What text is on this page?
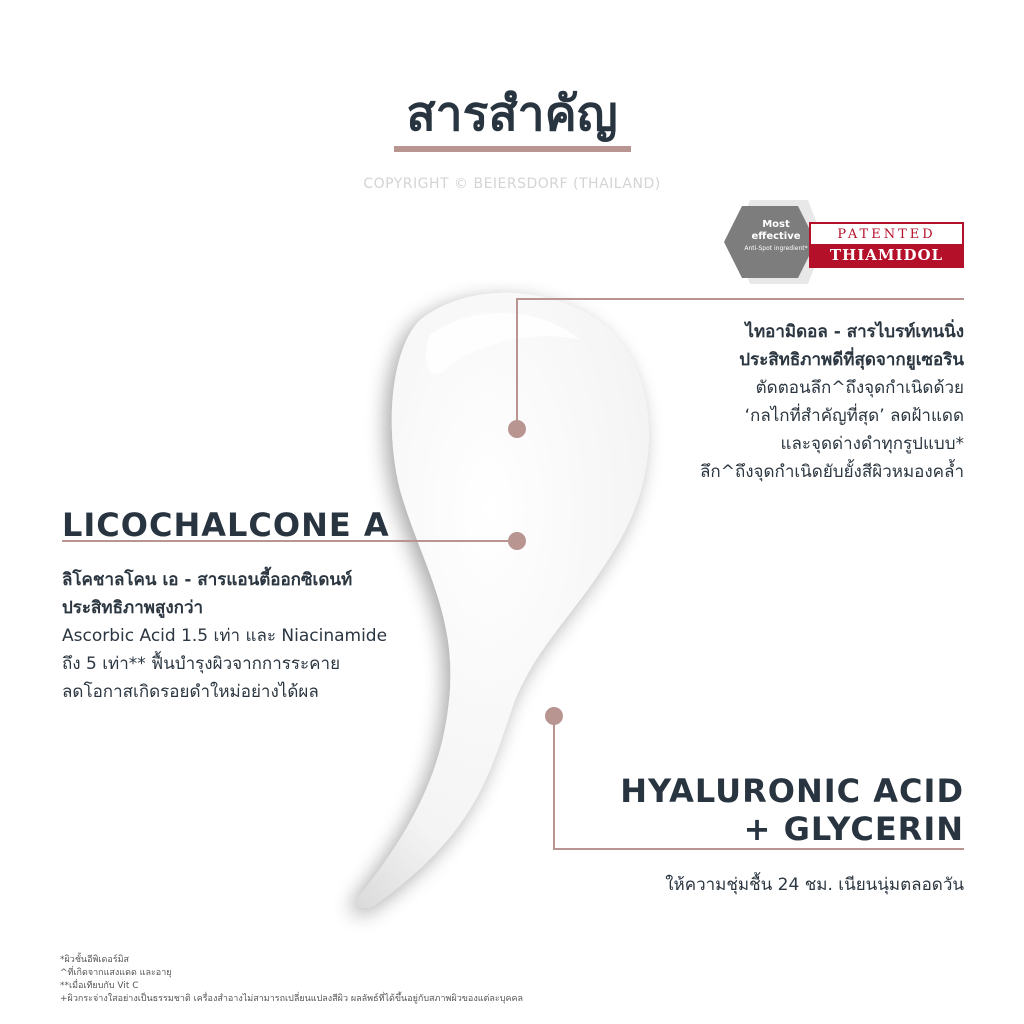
สารสำคัญ
COPYRIGHT © BEIERSDORF (THAILAND)
Most effective
Anti-Spot ingredient*
PATENTED
THIAMIDOL
ไทอามิดอล - สารไบรท์เทนนิ่ง
ประสิทธิภาพดีที่สุดจากยูเซอริน
ตัดตอนลึก^ถึงจุดกำเนิดด้วย
‘กลไกที่สำคัญที่สุด’ ลดฝ้าแดด
และจุดด่างดำทุกรูปแบบ*
ลึก^ถึงจุดกำเนิดยับยั้งสีผิวหมองคล้ำ
LICOCHALCONE A
ลิโคชาลโคน เอ - สารแอนตี้ออกซิเดนท์
ประสิทธิภาพสูงกว่า
Ascorbic Acid 1.5 เท่า และ Niacinamide
ถึง 5 เท่า** ฟื้นบำรุงผิวจากการระคาย
ลดโอกาสเกิดรอยดำใหม่อย่างได้ผล
HYALURONIC ACID
+ GLYCERIN
ให้ความชุ่มชื้น 24 ชม. เนียนนุ่มตลอดวัน
*ผิวชั้นอีพิเดอร์มิส
^ที่เกิดจากแสงแดด และอายุ
**เมื่อเทียบกับ Vit C
+ผิวกระจ่างใสอย่างเป็นธรรมชาติ เครื่องสำอางไม่สามารถเปลี่ยนแปลงสีผิว ผลลัพธ์ที่ได้ขึ้นอยู่กับสภาพผิวของแต่ละบุคคล
